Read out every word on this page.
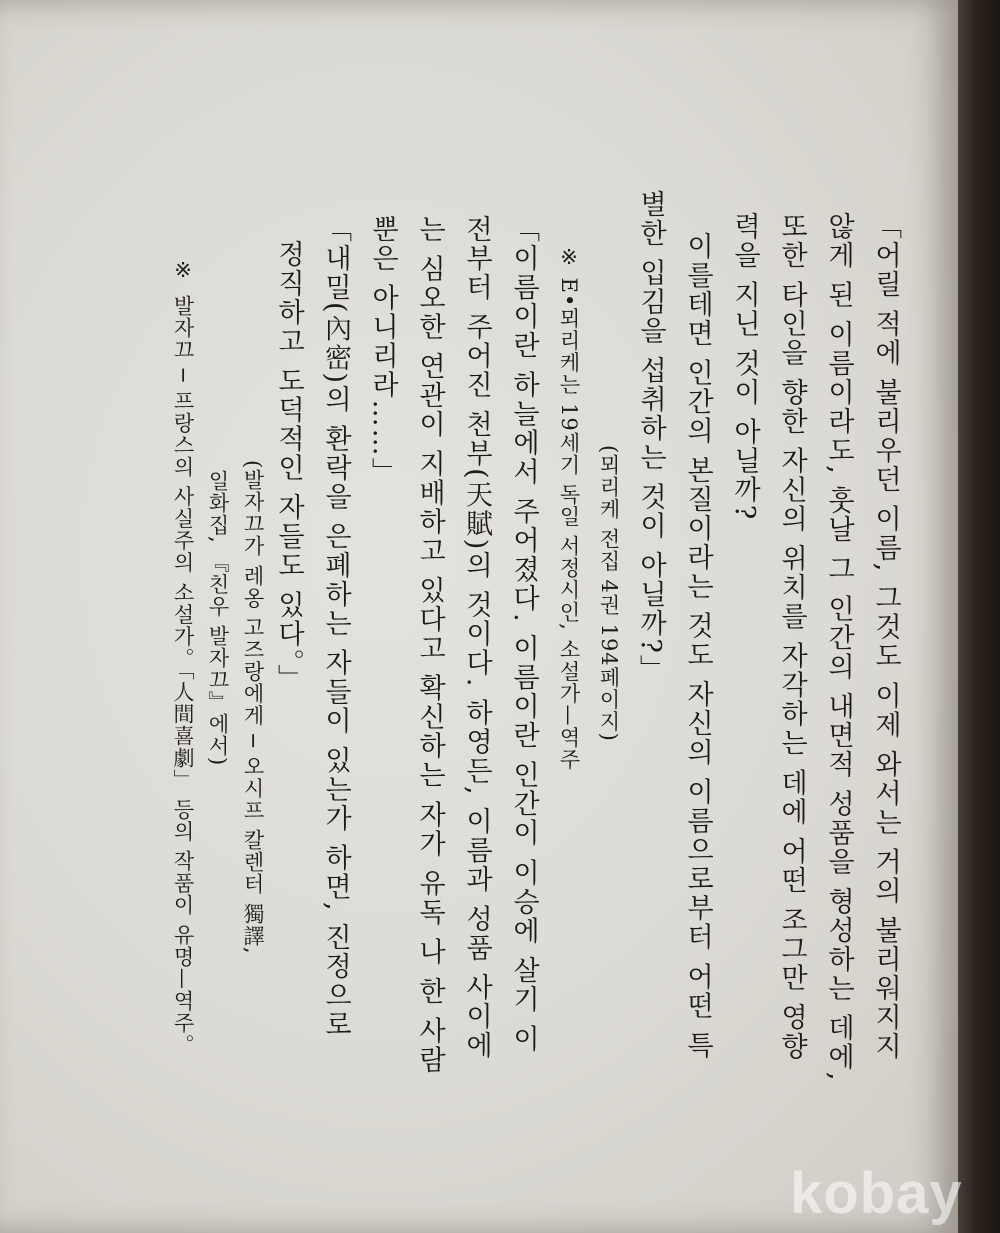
「어릴 적에 불리우던 이름, 그것도 이제 와서는 거의 불리워지지
않게 된 이름이라도, 훗날 그 인간의 내면적 성품을 형성하는 데에,
또한 타인을 향한 자신의 위치를 자각하는 데에 어떤 조그만 영향
력을 지닌 것이 아닐까?
이를테면 인간의 본질이라는 것도 자신의 이름으로부터 어떤 특
별한 입김을 섭취하는 것이 아닐까?」
(뫼리케 전집 4권 194페이지)
※ E•뫼리케는 19세기 독일 서정시인, 소설가—역주
「이름이란 하늘에서 주어졌다. 이름이란 인간이 이승에 살기 이
전부터 주어진 천부(天賦)의 것이다. 하영든, 이름과 성품 사이에
는 심오한 연관이 지배하고 있다고 확신하는 자가 유독 나 한 사람
뿐은 아니리라……」
「내밀(內密)의 환락을 은폐하는 자들이 있는가 하면, 진정으로
정직하고 도덕적인 자들도 있다。」
(발자끄가 레옹 고즈랑에게 ─ 오시프 칼렌터 獨譯,
일화집, 『친우 발자끄』에서)
※
발자끄 ─ 프랑스의 사실주의 소설가。「人間喜劇」 등의 작품이 유명—역주。
kobay
